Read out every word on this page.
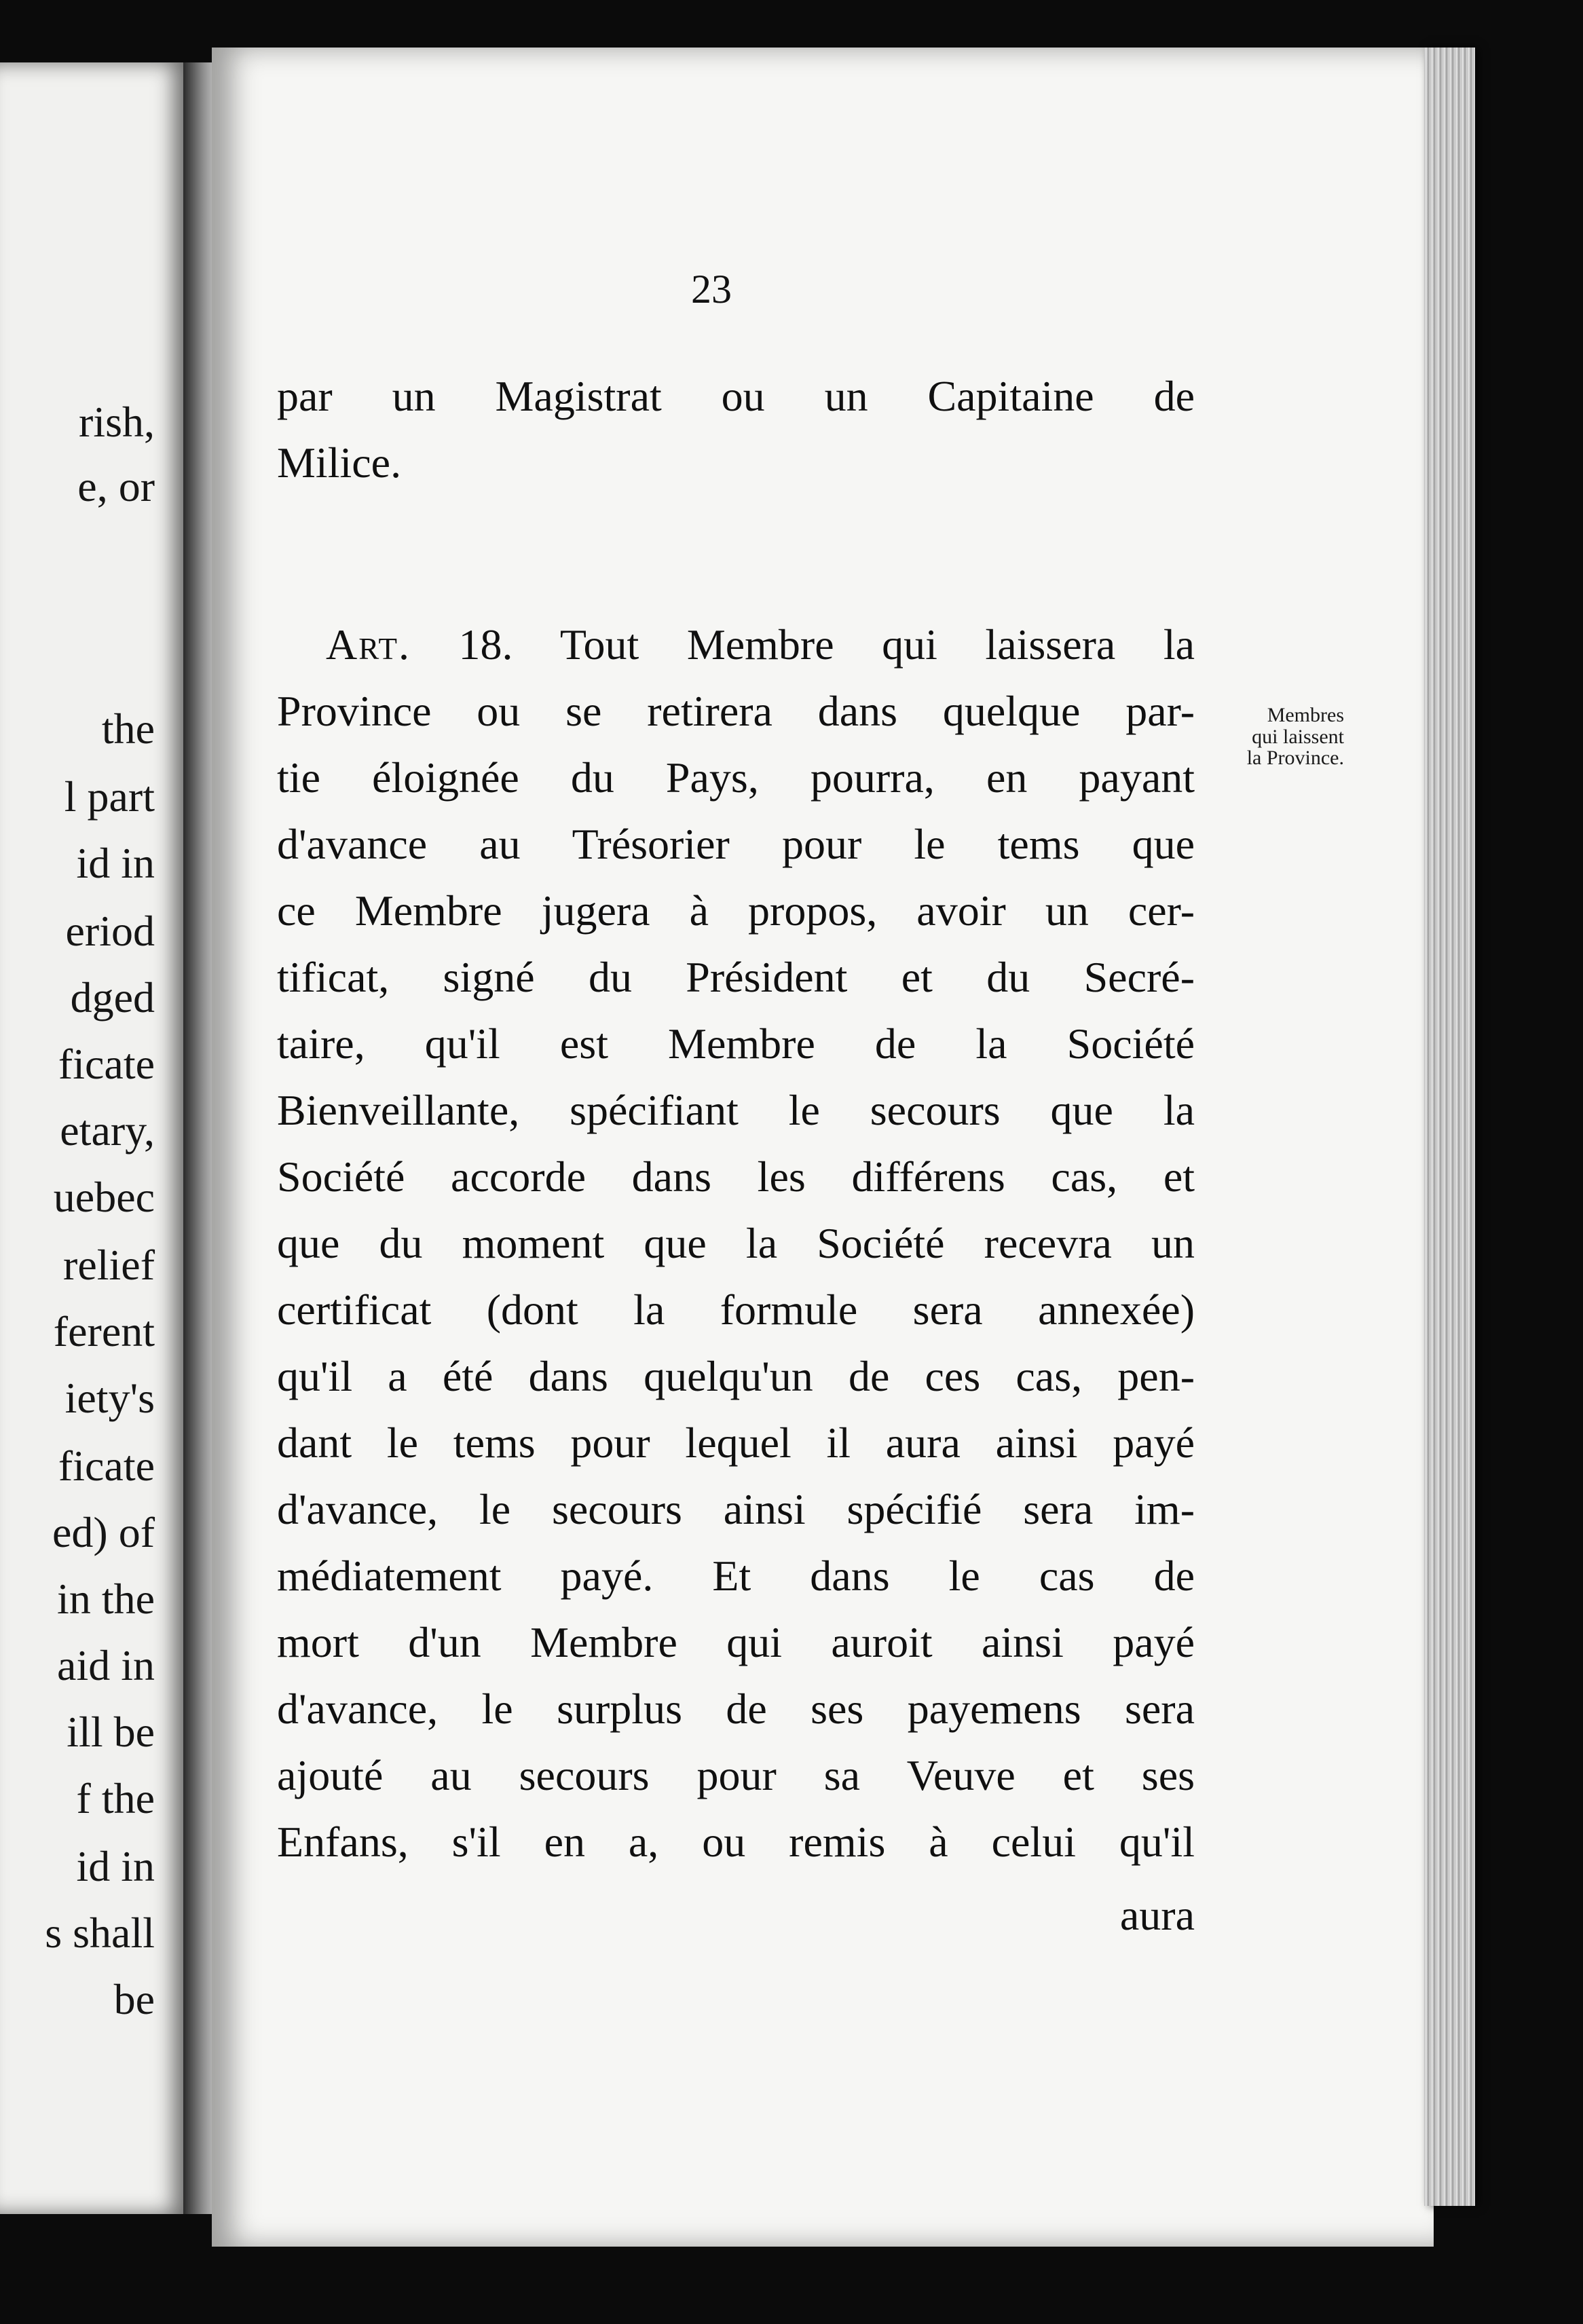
rish,
e, or
the
l part
id in
eriod
dged
ficate
etary,
uebec
relief
ferent
iety's
ficate
ed) of
in the
aid in
ill be
f the
id in
s shall
be
23
par un Magistrat ou un Capitaine de
Milice.
Art. 18. Tout Membre qui laissera la
Province ou se retirera dans quelque par-
tie éloignée du Pays, pourra, en payant
d'avance au Trésorier pour le tems que
ce Membre jugera à propos, avoir un cer-
tificat, signé du Président et du Secré-
taire, qu'il est Membre de la Société
Bienveillante, spécifiant le secours que la
Société accorde dans les différens cas, et
que du moment que la Société recevra un
certificat (dont la formule sera annexée)
qu'il a été dans quelqu'un de ces cas, pen-
dant le tems pour lequel il aura ainsi payé
d'avance, le secours ainsi spécifié sera im-
médiatement payé. Et dans le cas de
mort d'un Membre qui auroit ainsi payé
d'avance, le surplus de ses payemens sera
ajouté au secours pour sa Veuve et ses
Enfans, s'il en a, ou remis à celui qu'il
aura
Membres
qui laissent
la Province.
